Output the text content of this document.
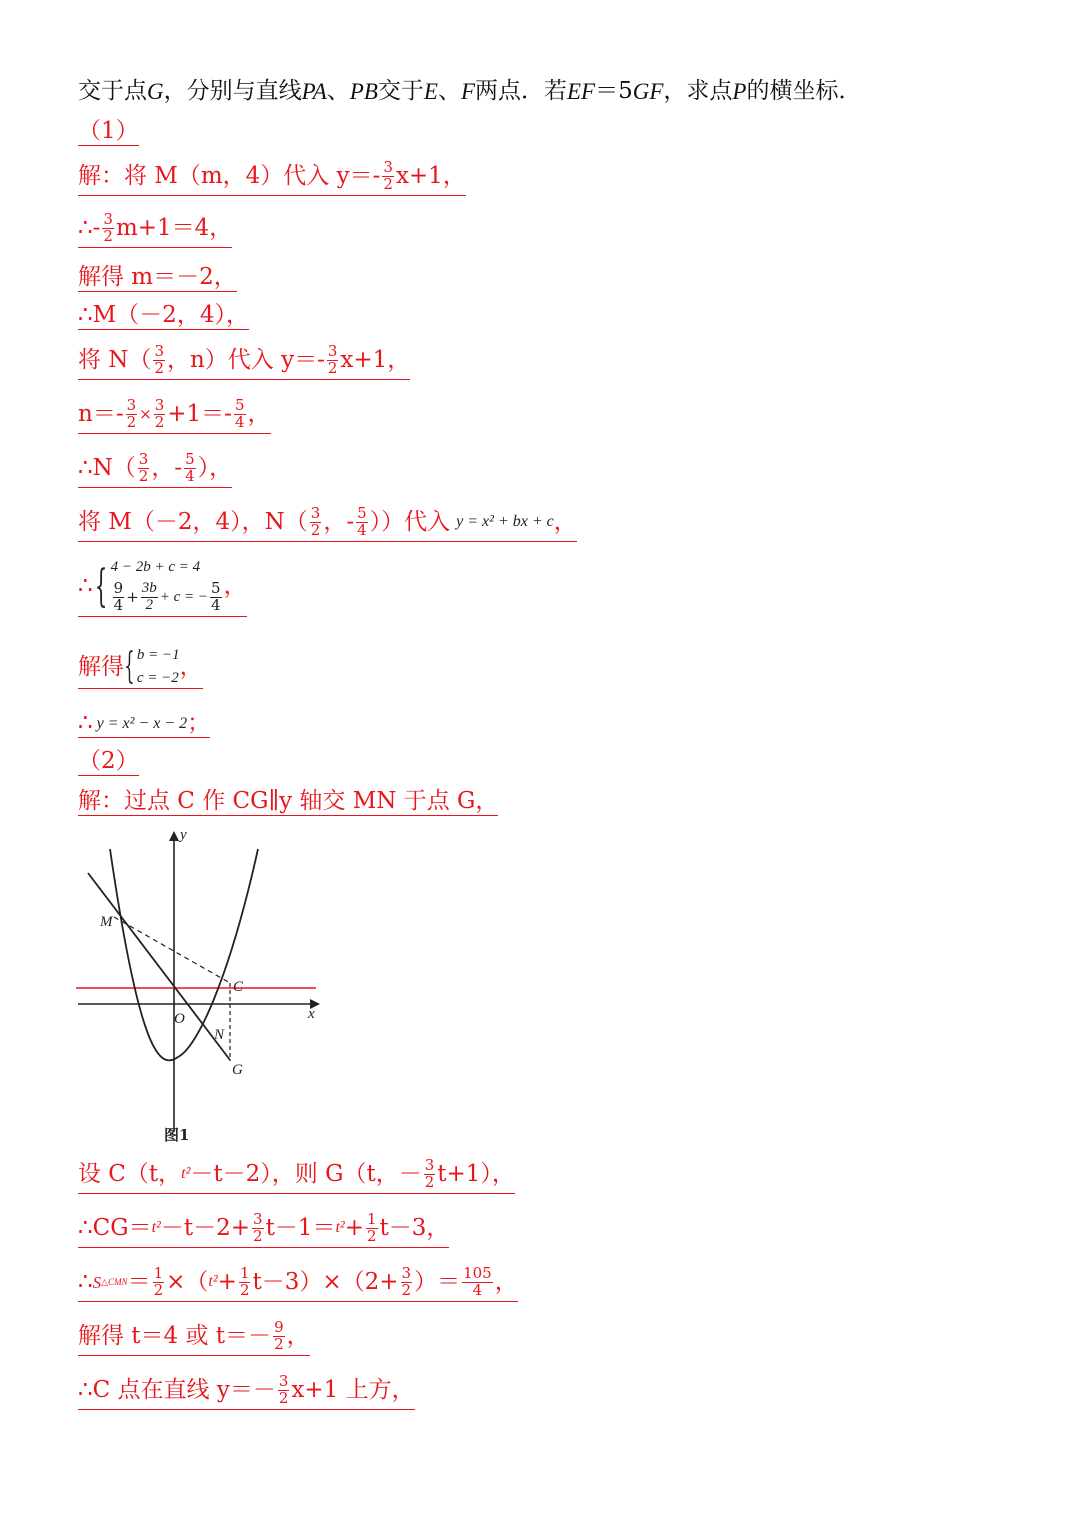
交于点 G ，分别与直线 PA 、 PB 交于 E 、 F 两点．若 EF ＝5 GF ，求点 P 的横坐标．
（1）
解：将 M（m，4）代入 $y=- \frac{3}{2} x+1$，
∴- $\frac{3}{2} m+1=4$，
解得 m＝－2，
∴M（－2，4），
将 $N( \frac{3}{2}$ ，n）代入 $y=- \frac{3}{2} x+1$，
$n=- \frac{3}{2} \times \frac{3}{2} +1=- \frac{5}{4}$ ，
∴N（ $\frac{3}{2}$ ，- $\frac{5}{4}$ ），
将 M（－2，4），$N( \frac{3}{2}$ ，- $\frac{5}{4}$ ））代入 y = x² + bx + c ，
∴ { 4 − 2b + c = 4
$\frac{9}{4} + \frac{3b}{2} + c$ = − $\frac{5}{4}$ ，
解得 { b = −1
c = −2 ，
∴ y = x² − x − 2 ；
（2）
解：过点 C 作 CG∥y 轴交 MN 于点 G，
y
x
M
C
O
N
G
图1
设 C（t， t² －t－2），则 G（t，－ $\frac{3}{2} t+1$），
∴CG＝ $t^2 -t-2+ \frac{3}{2} t-1= t^2 + \frac{1}{2} t-3$，
∴ S △CMN ＝ $\frac{1}{2}$ ×（ $t^2 + \frac{1}{2} t-3)\times(2+ \frac{3}{2}$ ）＝ $\frac{105}{4}$ ，
解得 t＝4 或 $t=- \frac{9}{2}$ ，
∴C 点在直线 $y=- \frac{3}{2} x+1$ 上方，
